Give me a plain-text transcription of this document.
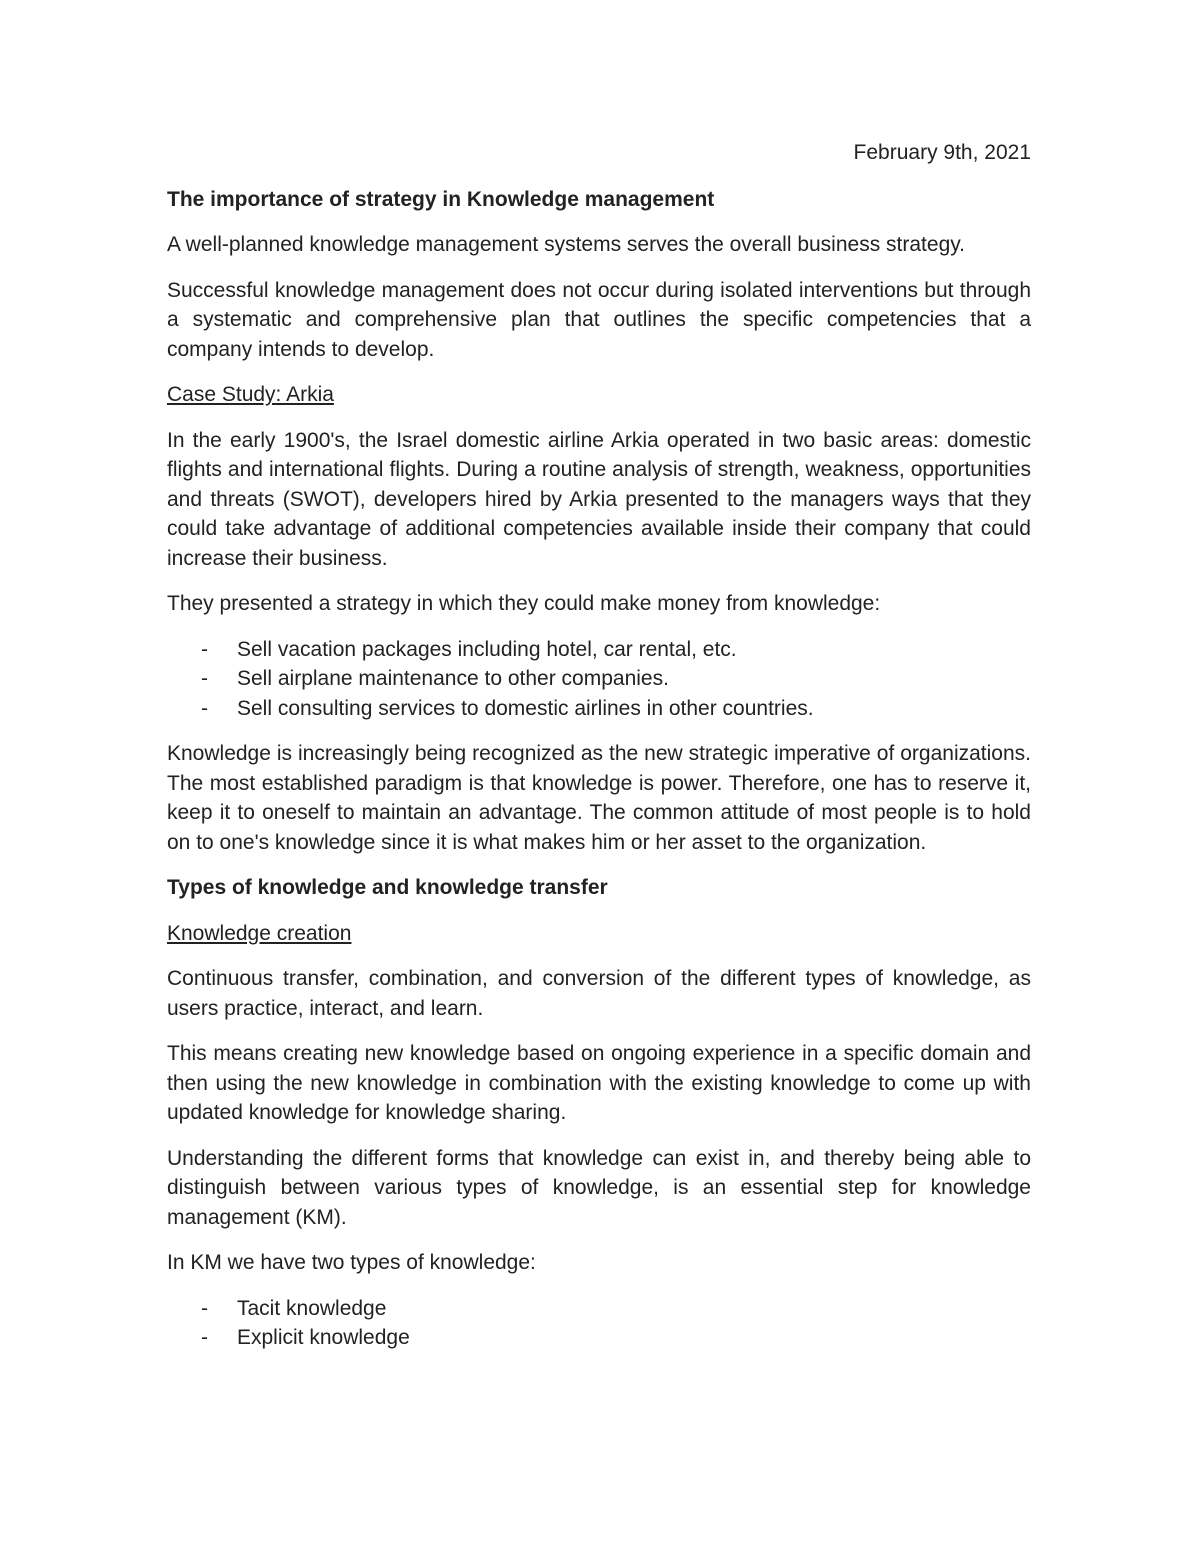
February 9th, 2021
The importance of strategy in Knowledge management

A well-planned knowledge management systems serves the overall business strategy.

Successful knowledge management does not occur during isolated interventions but through a systematic and comprehensive plan that outlines the specific competencies that a company intends to develop.

Case Study: Arkia

In the early 1900's, the Israel domestic airline Arkia operated in two basic areas: domestic flights and international flights. During a routine analysis of strength, weakness, opportunities and threats (SWOT), developers hired by Arkia presented to the managers ways that they could take advantage of additional competencies available inside their company that could increase their business.

They presented a strategy in which they could make money from knowledge:

- Sell vacation packages including hotel, car rental, etc.
- Sell airplane maintenance to other companies.
- Sell consulting services to domestic airlines in other countries.

Knowledge is increasingly being recognized as the new strategic imperative of organizations. The most established paradigm is that knowledge is power. Therefore, one has to reserve it, keep it to oneself to maintain an advantage. The common attitude of most people is to hold on to one's knowledge since it is what makes him or her asset to the organization.

Types of knowledge and knowledge transfer
Knowledge creation

Continuous transfer, combination, and conversion of the different types of knowledge, as users practice, interact, and learn.

This means creating new knowledge based on ongoing experience in a specific domain and then using the new knowledge in combination with the existing knowledge to come up with updated knowledge for knowledge sharing.

Understanding the different forms that knowledge can exist in, and thereby being able to distinguish between various types of knowledge, is an essential step for knowledge management (KM).

In KM we have two types of knowledge:

- Tacit knowledge
- Explicit knowledge
